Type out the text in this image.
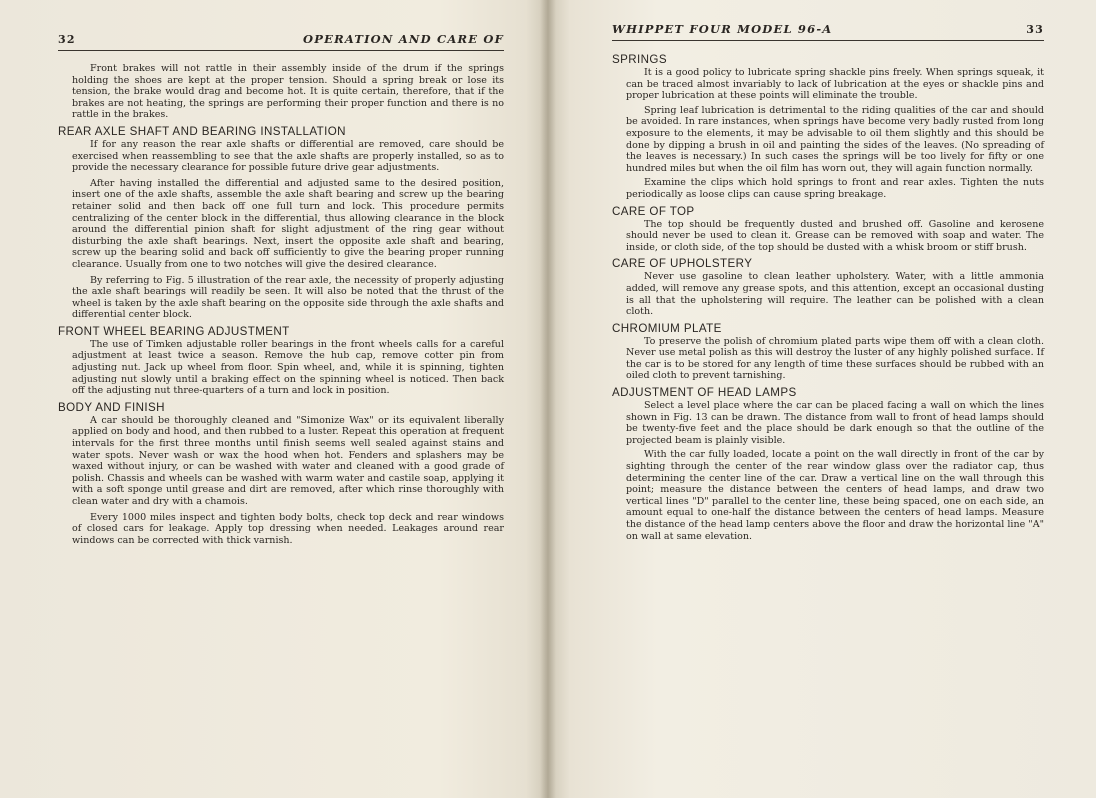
32	OPERATION AND CARE OF

Front brakes will not rattle in their assembly inside of the drum if the springs holding the shoes are kept at the proper tension. Should a spring break or lose its tension, the brake would drag and become hot. It is quite certain, therefore, that if the brakes are not heating, the springs are performing their proper function and there is no rattle in the brakes.

REAR AXLE SHAFT AND BEARING INSTALLATION

If for any reason the rear axle shafts or differential are removed, care should be exercised when reassembling to see that the axle shafts are properly installed, so as to provide the necessary clearance for possible future drive gear adjustments.

After having installed the differential and adjusted same to the desired position, insert one of the axle shafts, assemble the axle shaft bearing and screw up the bearing retainer solid and then back off one full turn and lock. This procedure permits centralizing of the center block in the differential, thus allowing clearance in the block around the differential pinion shaft for slight adjustment of the ring gear without disturbing the axle shaft bearings. Next, insert the opposite axle shaft and bearing, screw up the bearing solid and back off sufficiently to give the bearing proper running clearance. Usually from one to two notches will give the desired clearance.

By referring to Fig. 5 illustration of the rear axle, the necessity of properly adjusting the axle shaft bearings will readily be seen. It will also be noted that the thrust of the wheel is taken by the axle shaft bearing on the opposite side through the axle shafts and differential center block.

FRONT WHEEL BEARING ADJUSTMENT

The use of Timken adjustable roller bearings in the front wheels calls for a careful adjustment at least twice a season. Remove the hub cap, remove cotter pin from adjusting nut. Jack up wheel from floor. Spin wheel, and, while it is spinning, tighten adjusting nut slowly until a braking effect on the spinning wheel is noticed. Then back off the adjusting nut three-quarters of a turn and lock in position.

BODY AND FINISH

A car should be thoroughly cleaned and "Simonize Wax" or its equivalent liberally applied on body and hood, and then rubbed to a luster. Repeat this operation at frequent intervals for the first three months until finish seems well sealed against stains and water spots. Never wash or wax the hood when hot. Fenders and splashers may be waxed without injury, or can be washed with water and cleaned with a good grade of polish. Chassis and wheels can be washed with warm water and castile soap, applying it with a soft sponge until grease and dirt are removed, after which rinse thoroughly with clean water and dry with a chamois.

Every 1000 miles inspect and tighten body bolts, check top deck and rear windows of closed cars for leakage. Apply top dressing when needed. Leakages around rear windows can be corrected with thick varnish.

WHIPPET FOUR MODEL 96-A	33
SPRINGS

It is a good policy to lubricate spring shackle pins freely. When springs squeak, it can be traced almost invariably to lack of lubrication at the eyes or shackle pins and proper lubrication at these points will eliminate the trouble.

Spring leaf lubrication is detrimental to the riding qualities of the car and should be avoided. In rare instances, when springs have become very badly rusted from long exposure to the elements, it may be advisable to oil them slightly and this should be done by dipping a brush in oil and painting the sides of the leaves. (No spreading of the leaves is necessary.) In such cases the springs will be too lively for fifty or one hundred miles but when the oil film has worn out, they will again function normally.

Examine the clips which hold springs to front and rear axles. Tighten the nuts periodically as loose clips can cause spring breakage.

CARE OF TOP

The top should be frequently dusted and brushed off. Gasoline and kerosene should never be used to clean it. Grease can be removed with soap and water. The inside, or cloth side, of the top should be dusted with a whisk broom or stiff brush.

CARE OF UPHOLSTERY

Never use gasoline to clean leather upholstery. Water, with a little ammonia added, will remove any grease spots, and this attention, except an occasional dusting is all that the upholstering will require. The leather can be polished with a clean cloth.

CHROMIUM PLATE

To preserve the polish of chromium plated parts wipe them off with a clean cloth. Never use metal polish as this will destroy the luster of any highly polished surface. If the car is to be stored for any length of time these surfaces should be rubbed with an oiled cloth to prevent tarnishing.

ADJUSTMENT OF HEAD LAMPS

Select a level place where the car can be placed facing a wall on which the lines shown in Fig. 13 can be drawn. The distance from wall to front of head lamps should be twenty-five feet and the place should be dark enough so that the outline of the projected beam is plainly visible.

With the car fully loaded, locate a point on the wall directly in front of the car by sighting through the center of the rear window glass over the radiator cap, thus determining the center line of the car. Draw a vertical line on the wall through this point; measure the distance between the centers of head lamps, and draw two vertical lines "D" parallel to the center line, these being spaced, one on each side, an amount equal to one-half the distance between the centers of head lamps. Measure the distance of the head lamp centers above the floor and draw the horizontal line "A" on wall at same elevation.
